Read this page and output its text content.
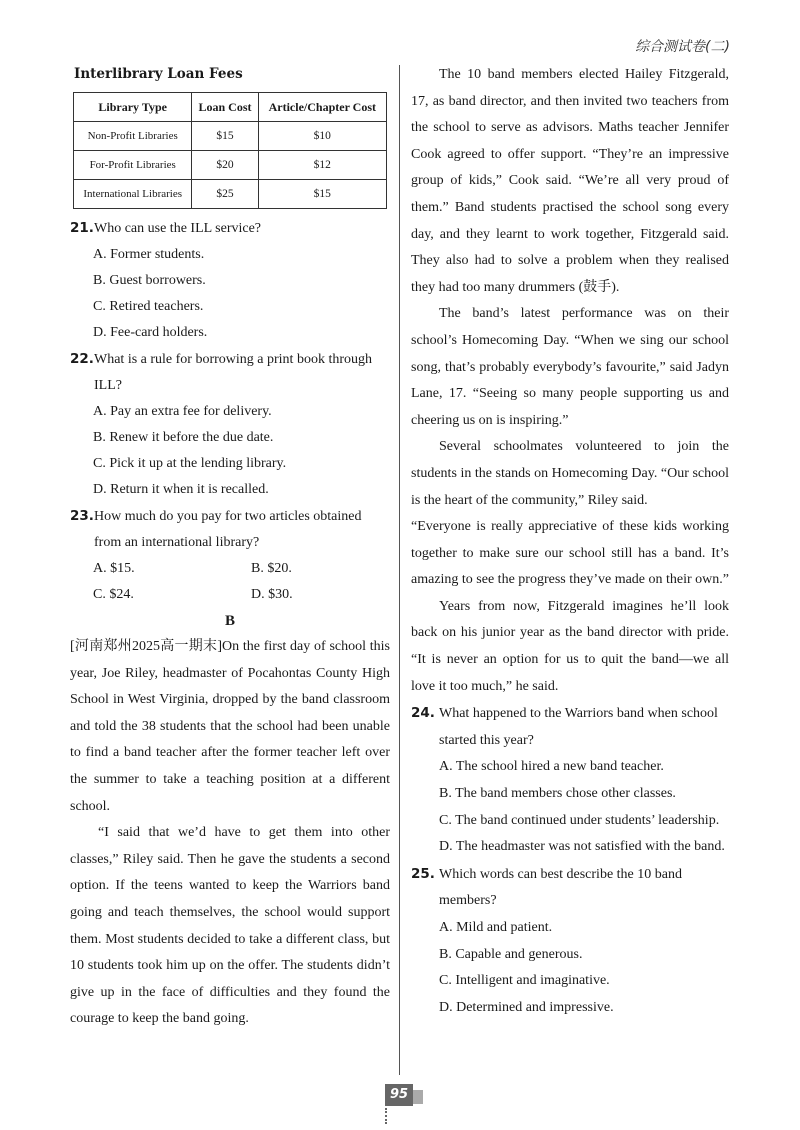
综合测试卷(二)
Interlibrary Loan Fees
Library Type	Loan Cost	Article/Chapter Cost
Non-Profit Libraries	$15	$10
For-Profit Libraries	$20	$12
International Libraries	$25	$15

21.Who can use the ILL service?

A. Former students.

B. Guest borrowers.

C. Retired teachers.

D. Fee-card holders.

22.What is a rule for borrowing a print book through ILL?

A. Pay an extra fee for delivery.

B. Renew it before the due date.

C. Pick it up at the lending library.

D. Return it when it is recalled.

23.How much do you pay for two articles obtained from an international library?

A. $15.	B. $20.
C. $24.	D. $30.
B

[河南郑州2025高一期末]On the first day of school this year, Joe Riley, headmaster of Pocahontas County High School in West Virginia, dropped by the band classroom and told the 38 students that the school had been unable to find a band teacher after the former teacher left over the summer to take a teaching position at a different school.

“I said that we’d have to get them into other classes,” Riley said. Then he gave the students a second option. If the teens wanted to keep the Warriors band going and teach themselves, the school would support them. Most students decided to take a different class, but 10 students took him up on the offer. The students didn’t give up in the face of difficulties and they found the courage to keep the band going.

The 10 band members elected Hailey Fitzgerald, 17, as band director, and then invited two teachers from the school to serve as advisors. Maths teacher Jennifer Cook agreed to offer support. “They’re an impressive group of kids,” Cook said. “We’re all very proud of them.” Band students practised the school song every day, and they learnt to work together, Fitzgerald said. They also had to solve a problem when they realised they had too many drummers (鼓手).

The band’s latest performance was on their school’s Homecoming Day. “When we sing our school song, that’s probably everybody’s favourite,” said Jadyn Lane, 17. “Seeing so many people supporting us and cheering us on is inspiring.”

Several schoolmates volunteered to join the students in the stands on Homecoming Day. “Our school is the heart of the community,” Riley said.

“Everyone is really appreciative of these kids working together to make sure our school still has a band. It’s amazing to see the progress they’ve made on their own.”

Years from now, Fitzgerald imagines he’ll look back on his junior year as the band director with pride. “It is never an option for us to quit the band—we all love it too much,” he said.

24. What happened to the Warriors band when school started this year?

A. The school hired a new band teacher.

B. The band members chose other classes.

C. The band continued under students’ leadership.

D. The headmaster was not satisfied with the band.

25. Which words can best describe the 10 band members?

A. Mild and patient.

B. Capable and generous.

C. Intelligent and imaginative.

D. Determined and impressive.

95
